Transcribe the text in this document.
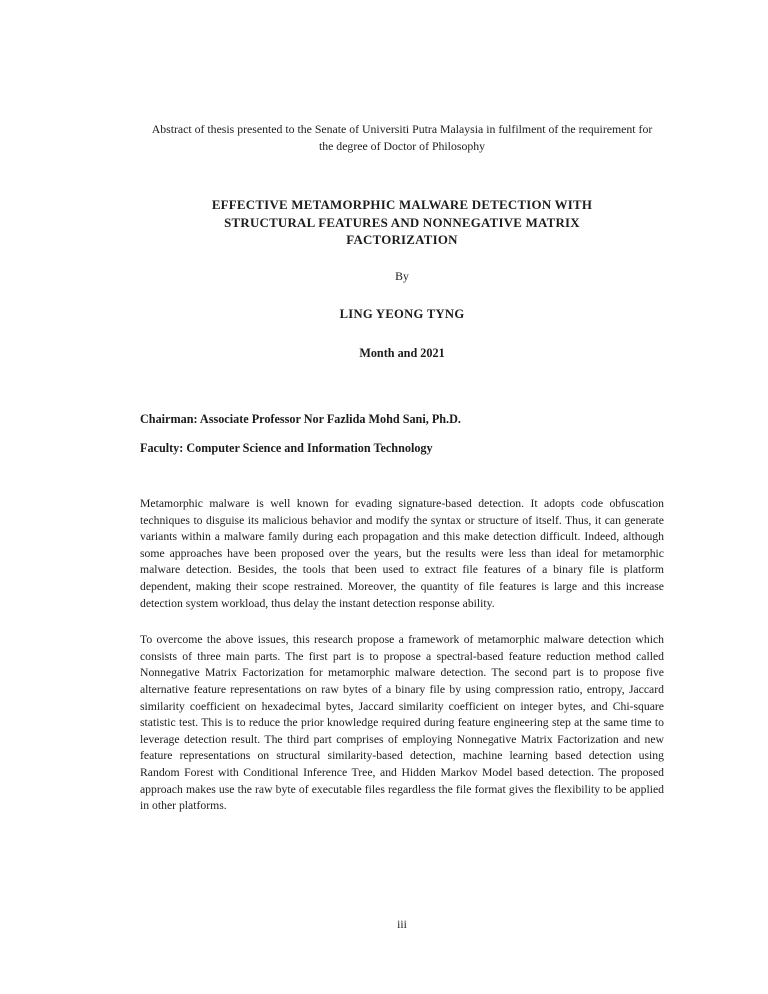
Abstract of thesis presented to the Senate of Universiti Putra Malaysia in fulfilment of the requirement for the degree of Doctor of Philosophy
EFFECTIVE METAMORPHIC MALWARE DETECTION WITH STRUCTURAL FEATURES AND NONNEGATIVE MATRIX FACTORIZATION
By
LING YEONG TYNG
Month and 2021
Chairman: Associate Professor Nor Fazlida Mohd Sani, Ph.D.
Faculty: Computer Science and Information Technology

Metamorphic malware is well known for evading signature-based detection. It adopts code obfuscation techniques to disguise its malicious behavior and modify the syntax or structure of itself. Thus, it can generate variants within a malware family during each propagation and this make detection difficult. Indeed, although some approaches have been proposed over the years, but the results were less than ideal for metamorphic malware detection. Besides, the tools that been used to extract file features of a binary file is platform dependent, making their scope restrained. Moreover, the quantity of file features is large and this increase detection system workload, thus delay the instant detection response ability.

To overcome the above issues, this research propose a framework of metamorphic malware detection which consists of three main parts. The first part is to propose a spectral-based feature reduction method called Nonnegative Matrix Factorization for metamorphic malware detection. The second part is to propose five alternative feature representations on raw bytes of a binary file by using compression ratio, entropy, Jaccard similarity coefficient on hexadecimal bytes, Jaccard similarity coefficient on integer bytes, and Chi-square statistic test. This is to reduce the prior knowledge required during feature engineering step at the same time to leverage detection result. The third part comprises of employing Nonnegative Matrix Factorization and new feature representations on structural similarity-based detection, machine learning based detection using Random Forest with Conditional Inference Tree, and Hidden Markov Model based detection. The proposed approach makes use the raw byte of executable files regardless the file format gives the flexibility to be applied in other platforms.

iii
